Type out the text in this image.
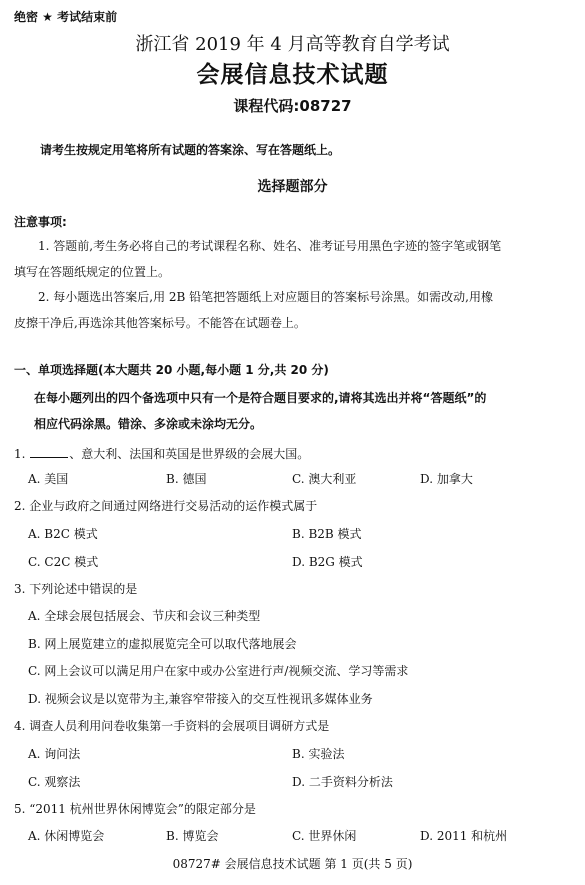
绝密 ★ 考试结束前
浙江省 2019 年 4 月高等教育自学考试
会展信息技术试题
课程代码:08727
请考生按规定用笔将所有试题的答案涂、写在答题纸上。
选择题部分
注意事项:
1. 答题前,考生务必将自己的考试课程名称、姓名、准考证号用黑色字迹的签字笔或钢笔
填写在答题纸规定的位置上。
2. 每小题选出答案后,用 2B 铅笔把答题纸上对应题目的答案标号涂黑。如需改动,用橡
皮擦干净后,再选涂其他答案标号。不能答在试题卷上。
一、单项选择题(本大题共 20 小题,每小题 1 分,共 20 分)
在每小题列出的四个备选项中只有一个是符合题目要求的,请将其选出并将“答题纸”的
相应代码涂黑。错涂、多涂或未涂均无分。
1.	、意大利、法国和英国是世界级的会展大国。
A. 美国	B. 德国	C. 澳大利亚	D. 加拿大
2. 企业与政府之间通过网络进行交易活动的运作模式属于
A. B2C 模式	B. B2B 模式
C. C2C 模式	D. B2G 模式
3. 下列论述中错误的是
A. 全球会展包括展会、节庆和会议三种类型
B. 网上展览建立的虚拟展览完全可以取代落地展会
C. 网上会议可以满足用户在家中或办公室进行声/视频交流、学习等需求
D. 视频会议是以宽带为主,兼容窄带接入的交互性视讯多媒体业务
4. 调查人员利用问卷收集第一手资料的会展项目调研方式是
A. 询问法	B. 实验法
C. 观察法	D. 二手资料分析法
5. “2011 杭州世界休闲博览会”的限定部分是
A. 休闲博览会	B. 博览会	C. 世界休闲	D. 2011 和杭州
08727# 会展信息技术试题 第 1 页(共 5 页)
